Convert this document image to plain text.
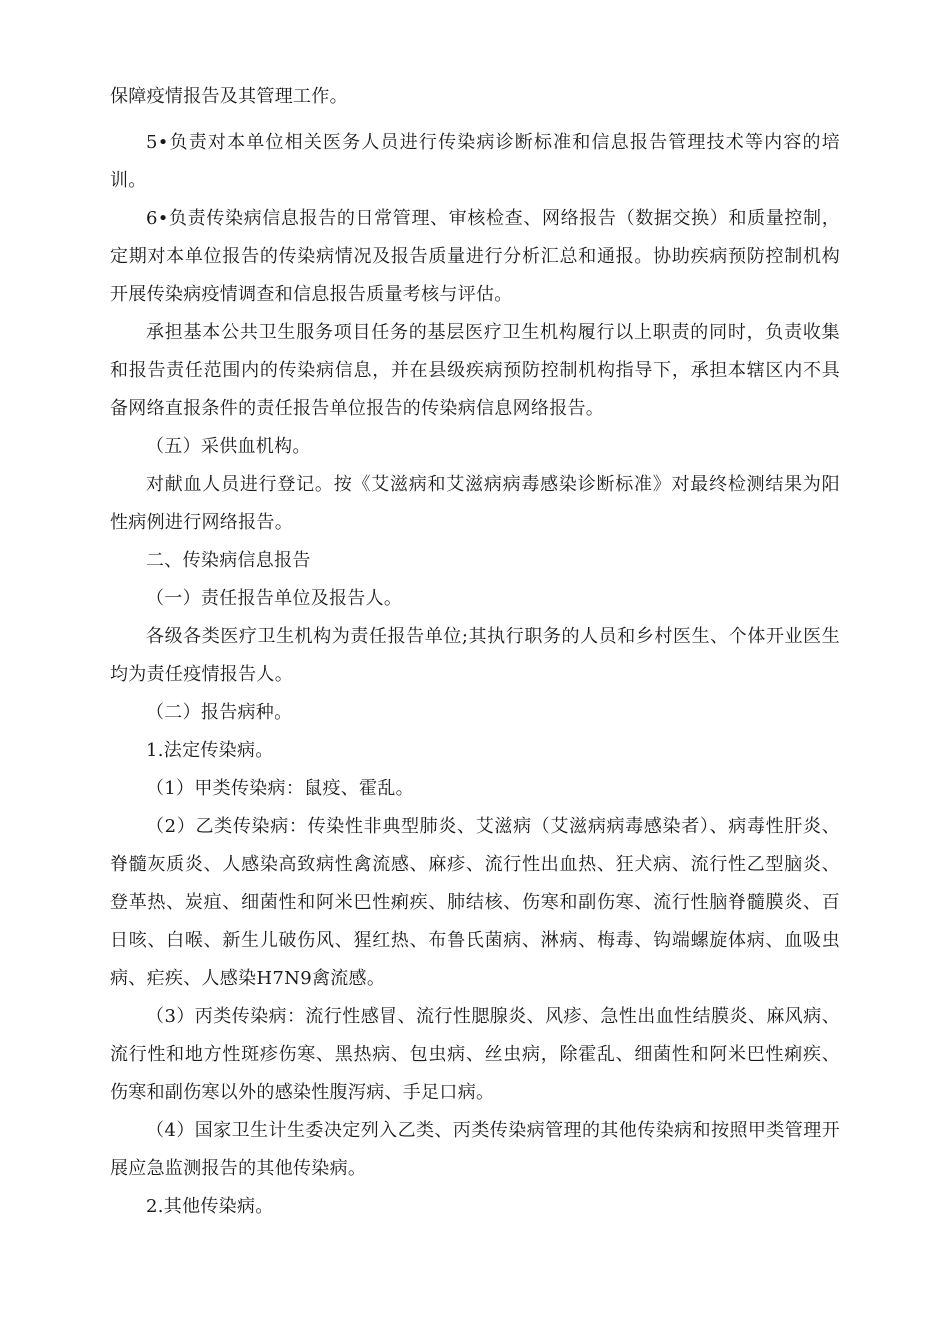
保障疫情报告及其管理工作。

5•负责对本单位相关医务人员进行传染病诊断标准和信息报告管理技术等内容的培训。

6•负责传染病信息报告的日常管理、审核检查、网络报告（数据交换）和质量控制，定期对本单位报告的传染病情况及报告质量进行分析汇总和通报。协助疾病预防控制机构开展传染病疫情调查和信息报告质量考核与评估。

承担基本公共卫生服务项目任务的基层医疗卫生机构履行以上职责的同时，负责收集和报告责任范围内的传染病信息，并在县级疾病预防控制机构指导下，承担本辖区内不具备网络直报条件的责任报告单位报告的传染病信息网络报告。

（五）采供血机构。

对献血人员进行登记。按《艾滋病和艾滋病病毒感染诊断标准》对最终检测结果为阳性病例进行网络报告。

二、传染病信息报告

（一）责任报告单位及报告人。

各级各类医疗卫生机构为责任报告单位;其执行职务的人员和乡村医生、个体开业医生均为责任疫情报告人。

（二）报告病种。

1.法定传染病。

（1）甲类传染病：鼠疫、霍乱。

（2）乙类传染病：传染性非典型肺炎、艾滋病（艾滋病病毒感染者）、病毒性肝炎、脊髓灰质炎、人感染高致病性禽流感、麻疹、流行性出血热、狂犬病、流行性乙型脑炎、登革热、炭疽、细菌性和阿米巴性痢疾、肺结核、伤寒和副伤寒、流行性脑脊髓膜炎、百日咳、白喉、新生儿破伤风、猩红热、布鲁氏菌病、淋病、梅毒、钩端螺旋体病、血吸虫病、疟疾、人感染H7N9禽流感。

（3）丙类传染病：流行性感冒、流行性腮腺炎、风疹、急性出血性结膜炎、麻风病、流行性和地方性斑疹伤寒、黑热病、包虫病、丝虫病，除霍乱、细菌性和阿米巴性痢疾、伤寒和副伤寒以外的感染性腹泻病、手足口病。

（4）国家卫生计生委决定列入乙类、丙类传染病管理的其他传染病和按照甲类管理开展应急监测报告的其他传染病。

2.其他传染病。
